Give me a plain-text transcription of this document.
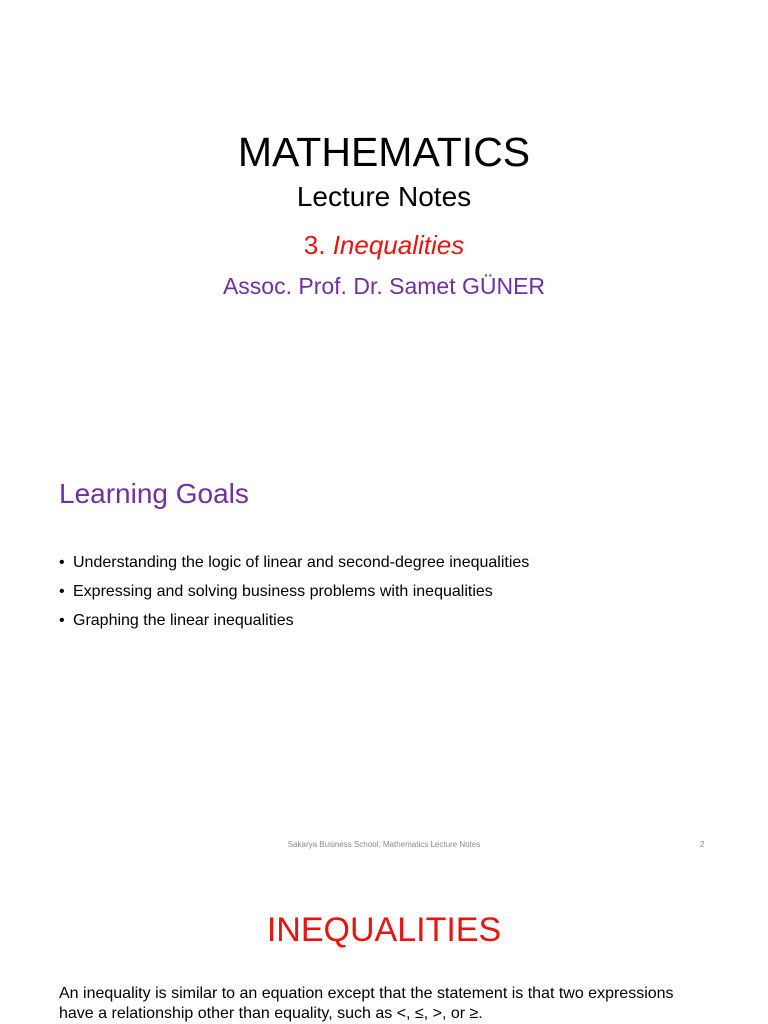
MATHEMATICS
Lecture Notes
3. Inequalities
Assoc. Prof. Dr. Samet GÜNER
Learning Goals
• Understanding the logic of linear and second-degree inequalities
• Expressing and solving business problems with inequalities
• Graphing the linear inequalities
Sakarya Business School, Mathematics Lecture Notes	2
INEQUALITIES
An inequality is similar to an equation except that the statement is that two expressions have a relationship other than equality, such as <, ≤, >, or ≥.
